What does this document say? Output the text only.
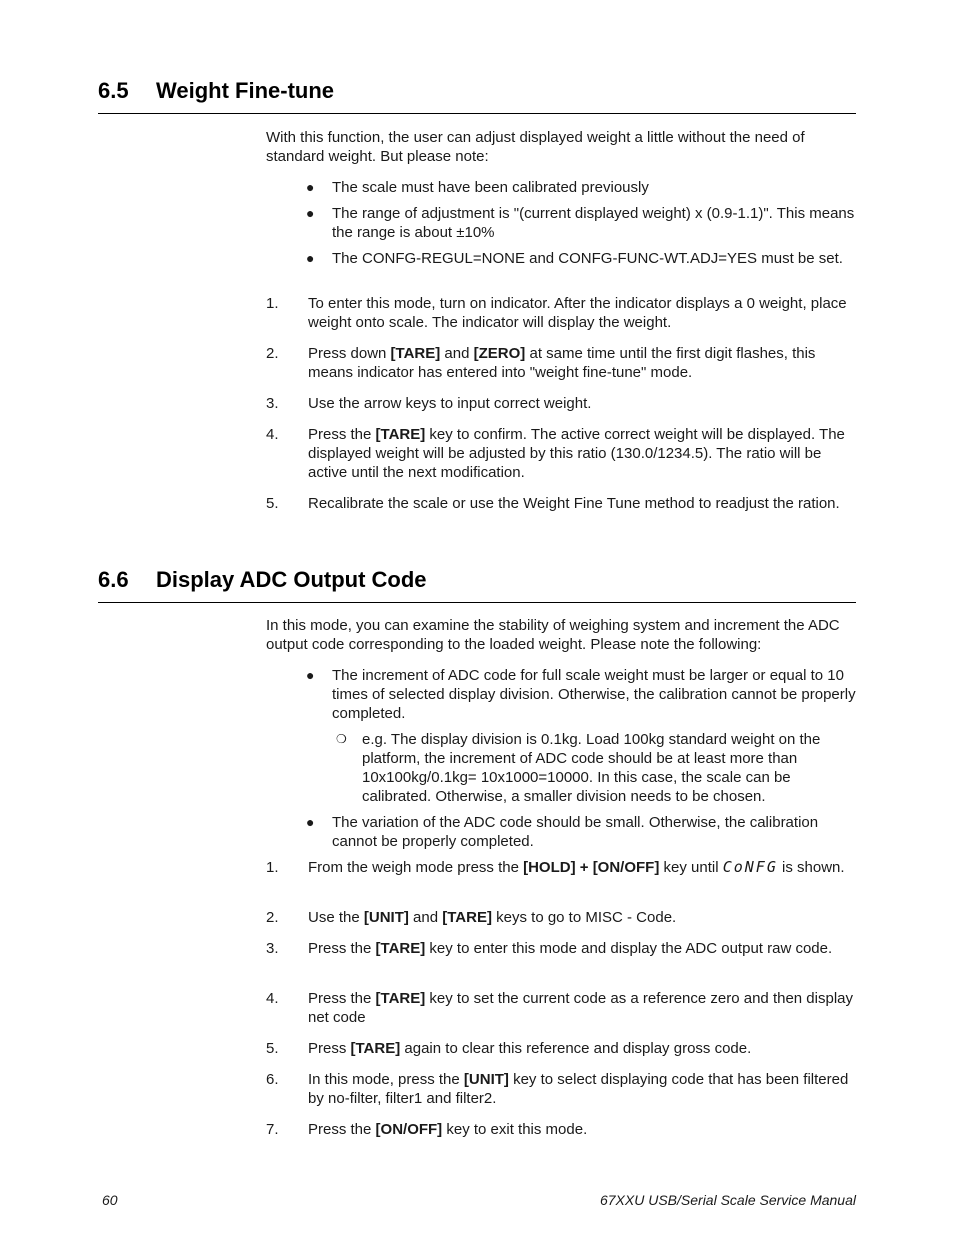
6.5 Weight Fine-tune
With this function, the user can adjust displayed weight a little without the need of standard weight. But please note:
● The scale must have been calibrated previously
● The range of adjustment is "(current displayed weight) x (0.9-1.1)". This means the range is about ±10%
● The CONFG-REGUL=NONE and CONFG-FUNC-WT.ADJ=YES must be set.
1. To enter this mode, turn on indicator. After the indicator displays a 0 weight, place weight onto scale. The indicator will display the weight.
2. Press down [TARE] and [ZERO] at same time until the first digit flashes, this means indicator has entered into "weight fine-tune" mode.
3. Use the arrow keys to input correct weight.
4. Press the [TARE] key to confirm. The active correct weight will be displayed. The displayed weight will be adjusted by this ratio (130.0/1234.5). The ratio will be active until the next modification.
5. Recalibrate the scale or use the Weight Fine Tune method to readjust the ration.
6.6 Display ADC Output Code
In this mode, you can examine the stability of weighing system and increment the ADC output code corresponding to the loaded weight. Please note the following:
● The increment of ADC code for full scale weight must be larger or equal to 10 times of selected display division. Otherwise, the calibration cannot be properly completed.
❍ e.g. The display division is 0.1kg. Load 100kg standard weight on the platform, the increment of ADC code should be at least more than 10x100kg/0.1kg= 10x1000=10000. In this case, the scale can be calibrated. Otherwise, a smaller division needs to be chosen.
● The variation of the ADC code should be small. Otherwise, the calibration cannot be properly completed.
1. From the weigh mode press the [HOLD] + [ON/OFF] key until CoNFG is shown.
2. Use the [UNIT] and [TARE] keys to go to MISC - Code.
3. Press the [TARE] key to enter this mode and display the ADC output raw code.
4. Press the [TARE] key to set the current code as a reference zero and then display net code
5. Press [TARE] again to clear this reference and display gross code.
6. In this mode, press the [UNIT] key to select displaying code that has been filtered by no-filter, filter1 and filter2.
7. Press the [ON/OFF] key to exit this mode.
60	67XXU USB/Serial Scale Service Manual
